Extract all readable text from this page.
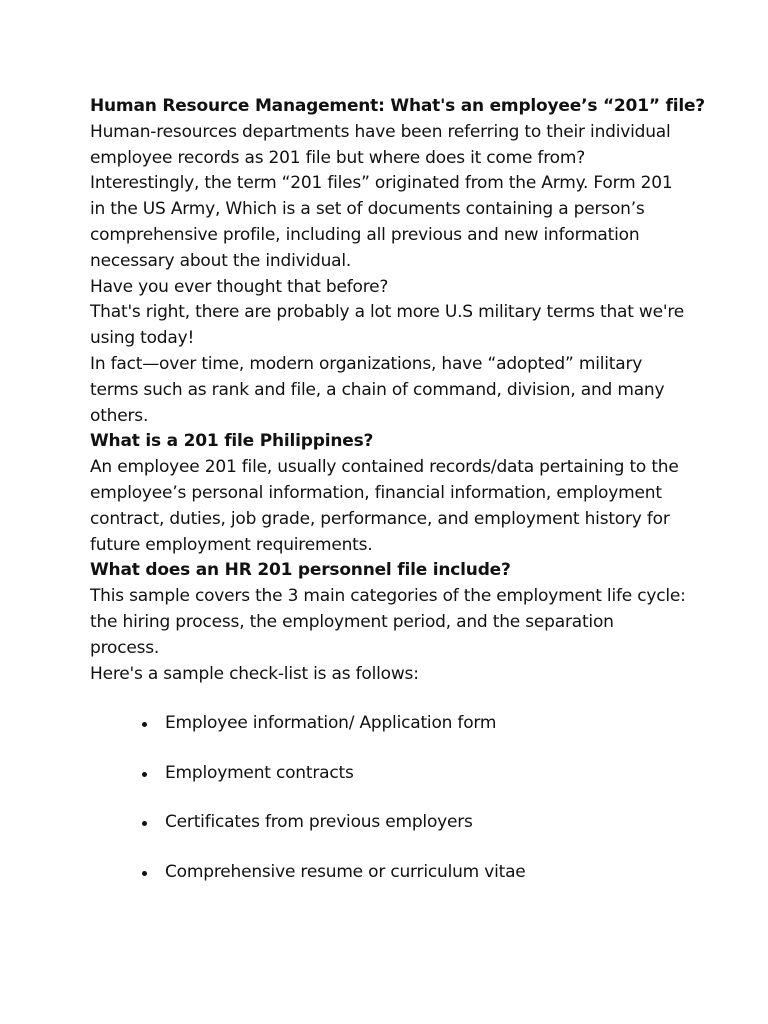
Human Resource Management: What's an employee’s “201” file?
Human-resources departments have been referring to their individual
employee records as 201 file but where does it come from?
Interestingly, the term “201 files” originated from the Army. Form 201
in the US Army, Which is a set of documents containing a person’s
comprehensive profile, including all previous and new information
necessary about the individual.
Have you ever thought that before?
That's right, there are probably a lot more U.S military terms that we're
using today!
In fact—over time, modern organizations, have “adopted” military
terms such as rank and file, a chain of command, division, and many
others.
What is a 201 file Philippines?
An employee 201 file, usually contained records/data pertaining to the
employee’s personal information, financial information, employment
contract, duties, job grade, performance, and employment history for
future employment requirements.
What does an HR 201 personnel file include?
This sample covers the 3 main categories of the employment life cycle:
the hiring process, the employment period, and the separation
process.
Here's a sample check-list is as follows:
Employee information/ Application form
Employment contracts
Certificates from previous employers
Comprehensive resume or curriculum vitae
